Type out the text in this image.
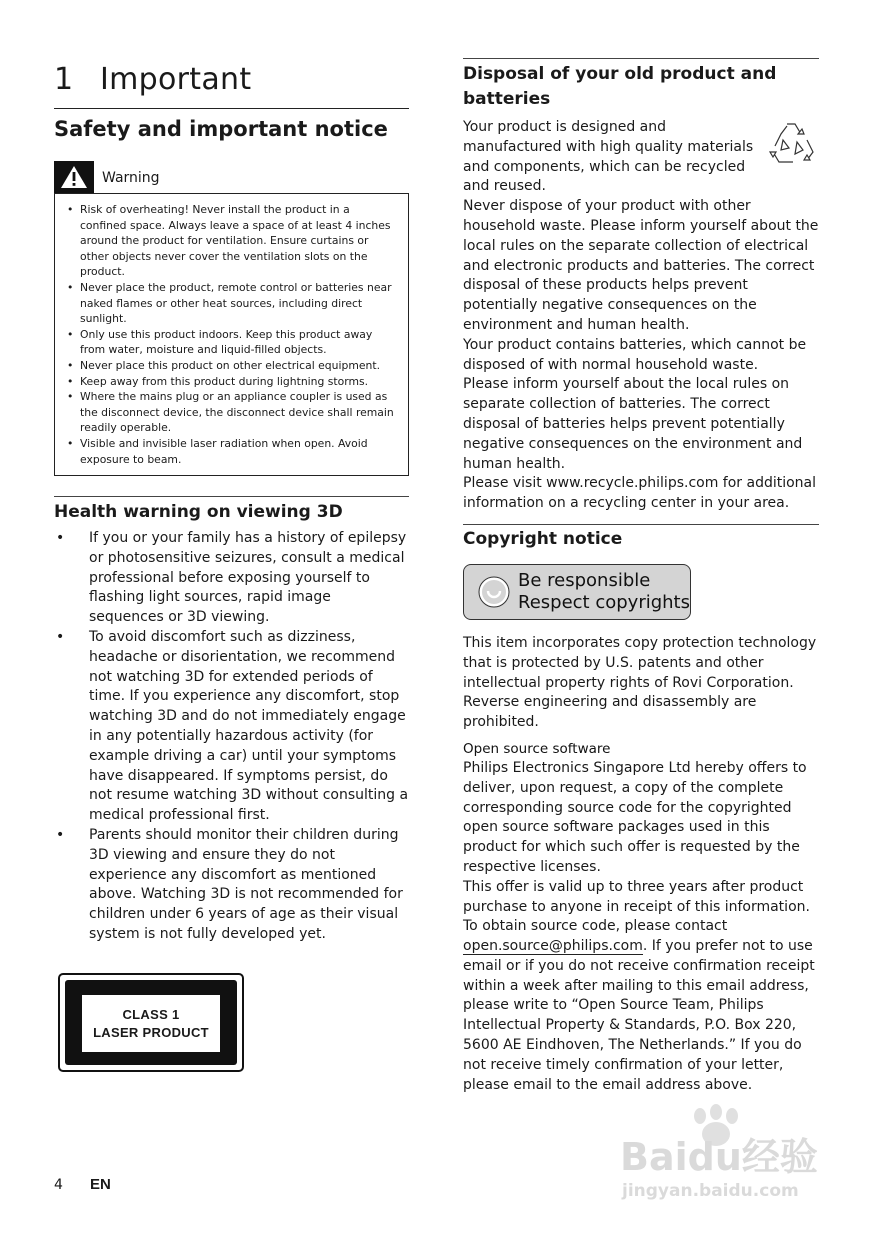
1 Important
Safety and important notice
Warning
• Risk of overheating! Never install the product in a confined space. Always leave a space of at least 4 inches around the product for ventilation. Ensure curtains or other objects never cover the ventilation slots on the product.
• Never place the product, remote control or batteries near naked flames or other heat sources, including direct sunlight.
• Only use this product indoors. Keep this product away from water, moisture and liquid-filled objects.
• Never place this product on other electrical equipment.
• Keep away from this product during lightning storms.
• Where the mains plug or an appliance coupler is used as the disconnect device, the disconnect device shall remain readily operable.
• Visible and invisible laser radiation when open. Avoid exposure to beam.
Health warning on viewing 3D
• If you or your family has a history of epilepsy or photosensitive seizures, consult a medical professional before exposing yourself to flashing light sources, rapid image sequences or 3D viewing.
• To avoid discomfort such as dizziness, headache or disorientation, we recommend not watching 3D for extended periods of time. If you experience any discomfort, stop watching 3D and do not immediately engage in any potentially hazardous activity (for example driving a car) until your symptoms have disappeared. If symptoms persist, do not resume watching 3D without consulting a medical professional first.
• Parents should monitor their children during 3D viewing and ensure they do not experience any discomfort as mentioned above. Watching 3D is not recommended for children under 6 years of age as their visual system is not fully developed yet.
CLASS 1
LASER PRODUCT
Disposal of your old product and batteries

Your product is designed and manufactured with high quality materials and components, which can be recycled and reused.

Never dispose of your product with other household waste. Please inform yourself about the local rules on the separate collection of electrical and electronic products and batteries. The correct disposal of these products helps prevent potentially negative consequences on the environment and human health.

Your product contains batteries, which cannot be disposed of with normal household waste.

Please inform yourself about the local rules on separate collection of batteries. The correct disposal of batteries helps prevent potentially negative consequences on the environment and human health.

Please visit www.recycle.philips.com for additional information on a recycling center in your area.

Copyright notice
Be responsible
Respect copyrights

This item incorporates copy protection technology that is protected by U.S. patents and other intellectual property rights of Rovi Corporation. Reverse engineering and disassembly are prohibited.

Open source software

Philips Electronics Singapore Ltd hereby offers to deliver, upon request, a copy of the complete corresponding source code for the copyrighted open source software packages used in this product for which such offer is requested by the respective licenses.

This offer is valid up to three years after product purchase to anyone in receipt of this information. To obtain source code, please contact open.source@philips.com. If you prefer not to use email or if you do not receive confirmation receipt within a week after mailing to this email address, please write to “Open Source Team, Philips Intellectual Property & Standards, P.O. Box 220, 5600 AE Eindhoven, The Netherlands.” If you do not receive timely confirmation of your letter, please email to the email address above.

4 EN
Baidu经验
jingyan.baidu.com
